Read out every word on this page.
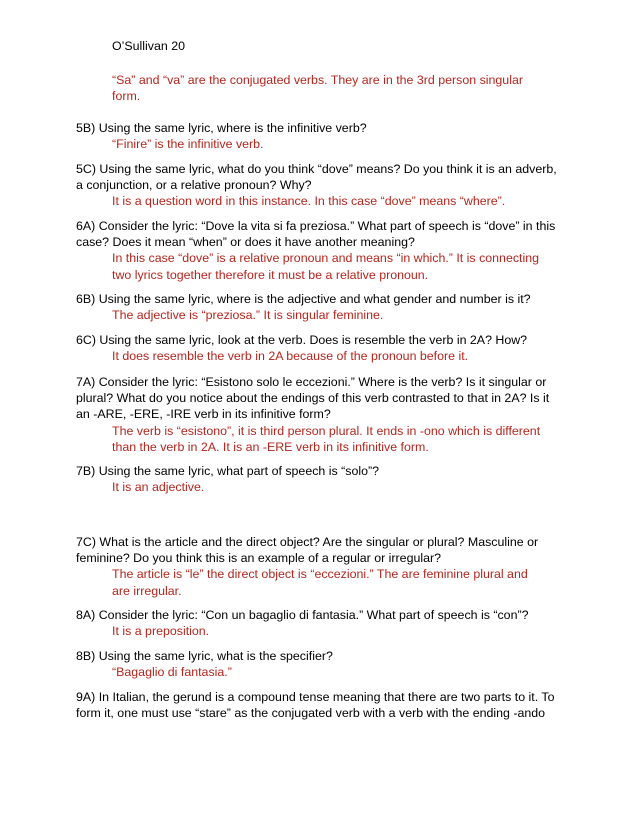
O’Sullivan 20
“Sa” and “va” are the conjugated verbs. They are in the 3rd person singular
form.
5B) Using the same lyric, where is the infinitive verb?
“Finire” is the infinitive verb.
5C) Using the same lyric, what do you think “dove” means? Do you think it is an adverb,
a conjunction, or a relative pronoun? Why?
It is a question word in this instance. In this case “dove” means “where”.
6A) Consider the lyric: “Dove la vita si fa preziosa.” What part of speech is “dove” in this
case? Does it mean “when” or does it have another meaning?
In this case “dove” is a relative pronoun and means “in which.” It is connecting
two lyrics together therefore it must be a relative pronoun.
6B) Using the same lyric, where is the adjective and what gender and number is it?
The adjective is “preziosa.” It is singular feminine.
6C) Using the same lyric, look at the verb. Does is resemble the verb in 2A? How?
It does resemble the verb in 2A because of the pronoun before it.
7A) Consider the lyric: “Esistono solo le eccezioni.” Where is the verb? Is it singular or
plural? What do you notice about the endings of this verb contrasted to that in 2A? Is it
an -ARE, -ERE, -IRE verb in its infinitive form?
The verb is “esistono”, it is third person plural. It ends in -ono which is different
than the verb in 2A. It is an -ERE verb in its infinitive form.
7B) Using the same lyric, what part of speech is “solo”?
It is an adjective.
7C) What is the article and the direct object? Are the singular or plural? Masculine or
feminine? Do you think this is an example of a regular or irregular?
The article is “le” the direct object is “eccezioni.” The are feminine plural and
are irregular.
8A) Consider the lyric: “Con un bagaglio di fantasia.” What part of speech is “con”?
It is a preposition.
8B) Using the same lyric, what is the specifier?
“Bagaglio di fantasia.”
9A) In Italian, the gerund is a compound tense meaning that there are two parts to it. To
form it, one must use “stare” as the conjugated verb with a verb with the ending -ando
